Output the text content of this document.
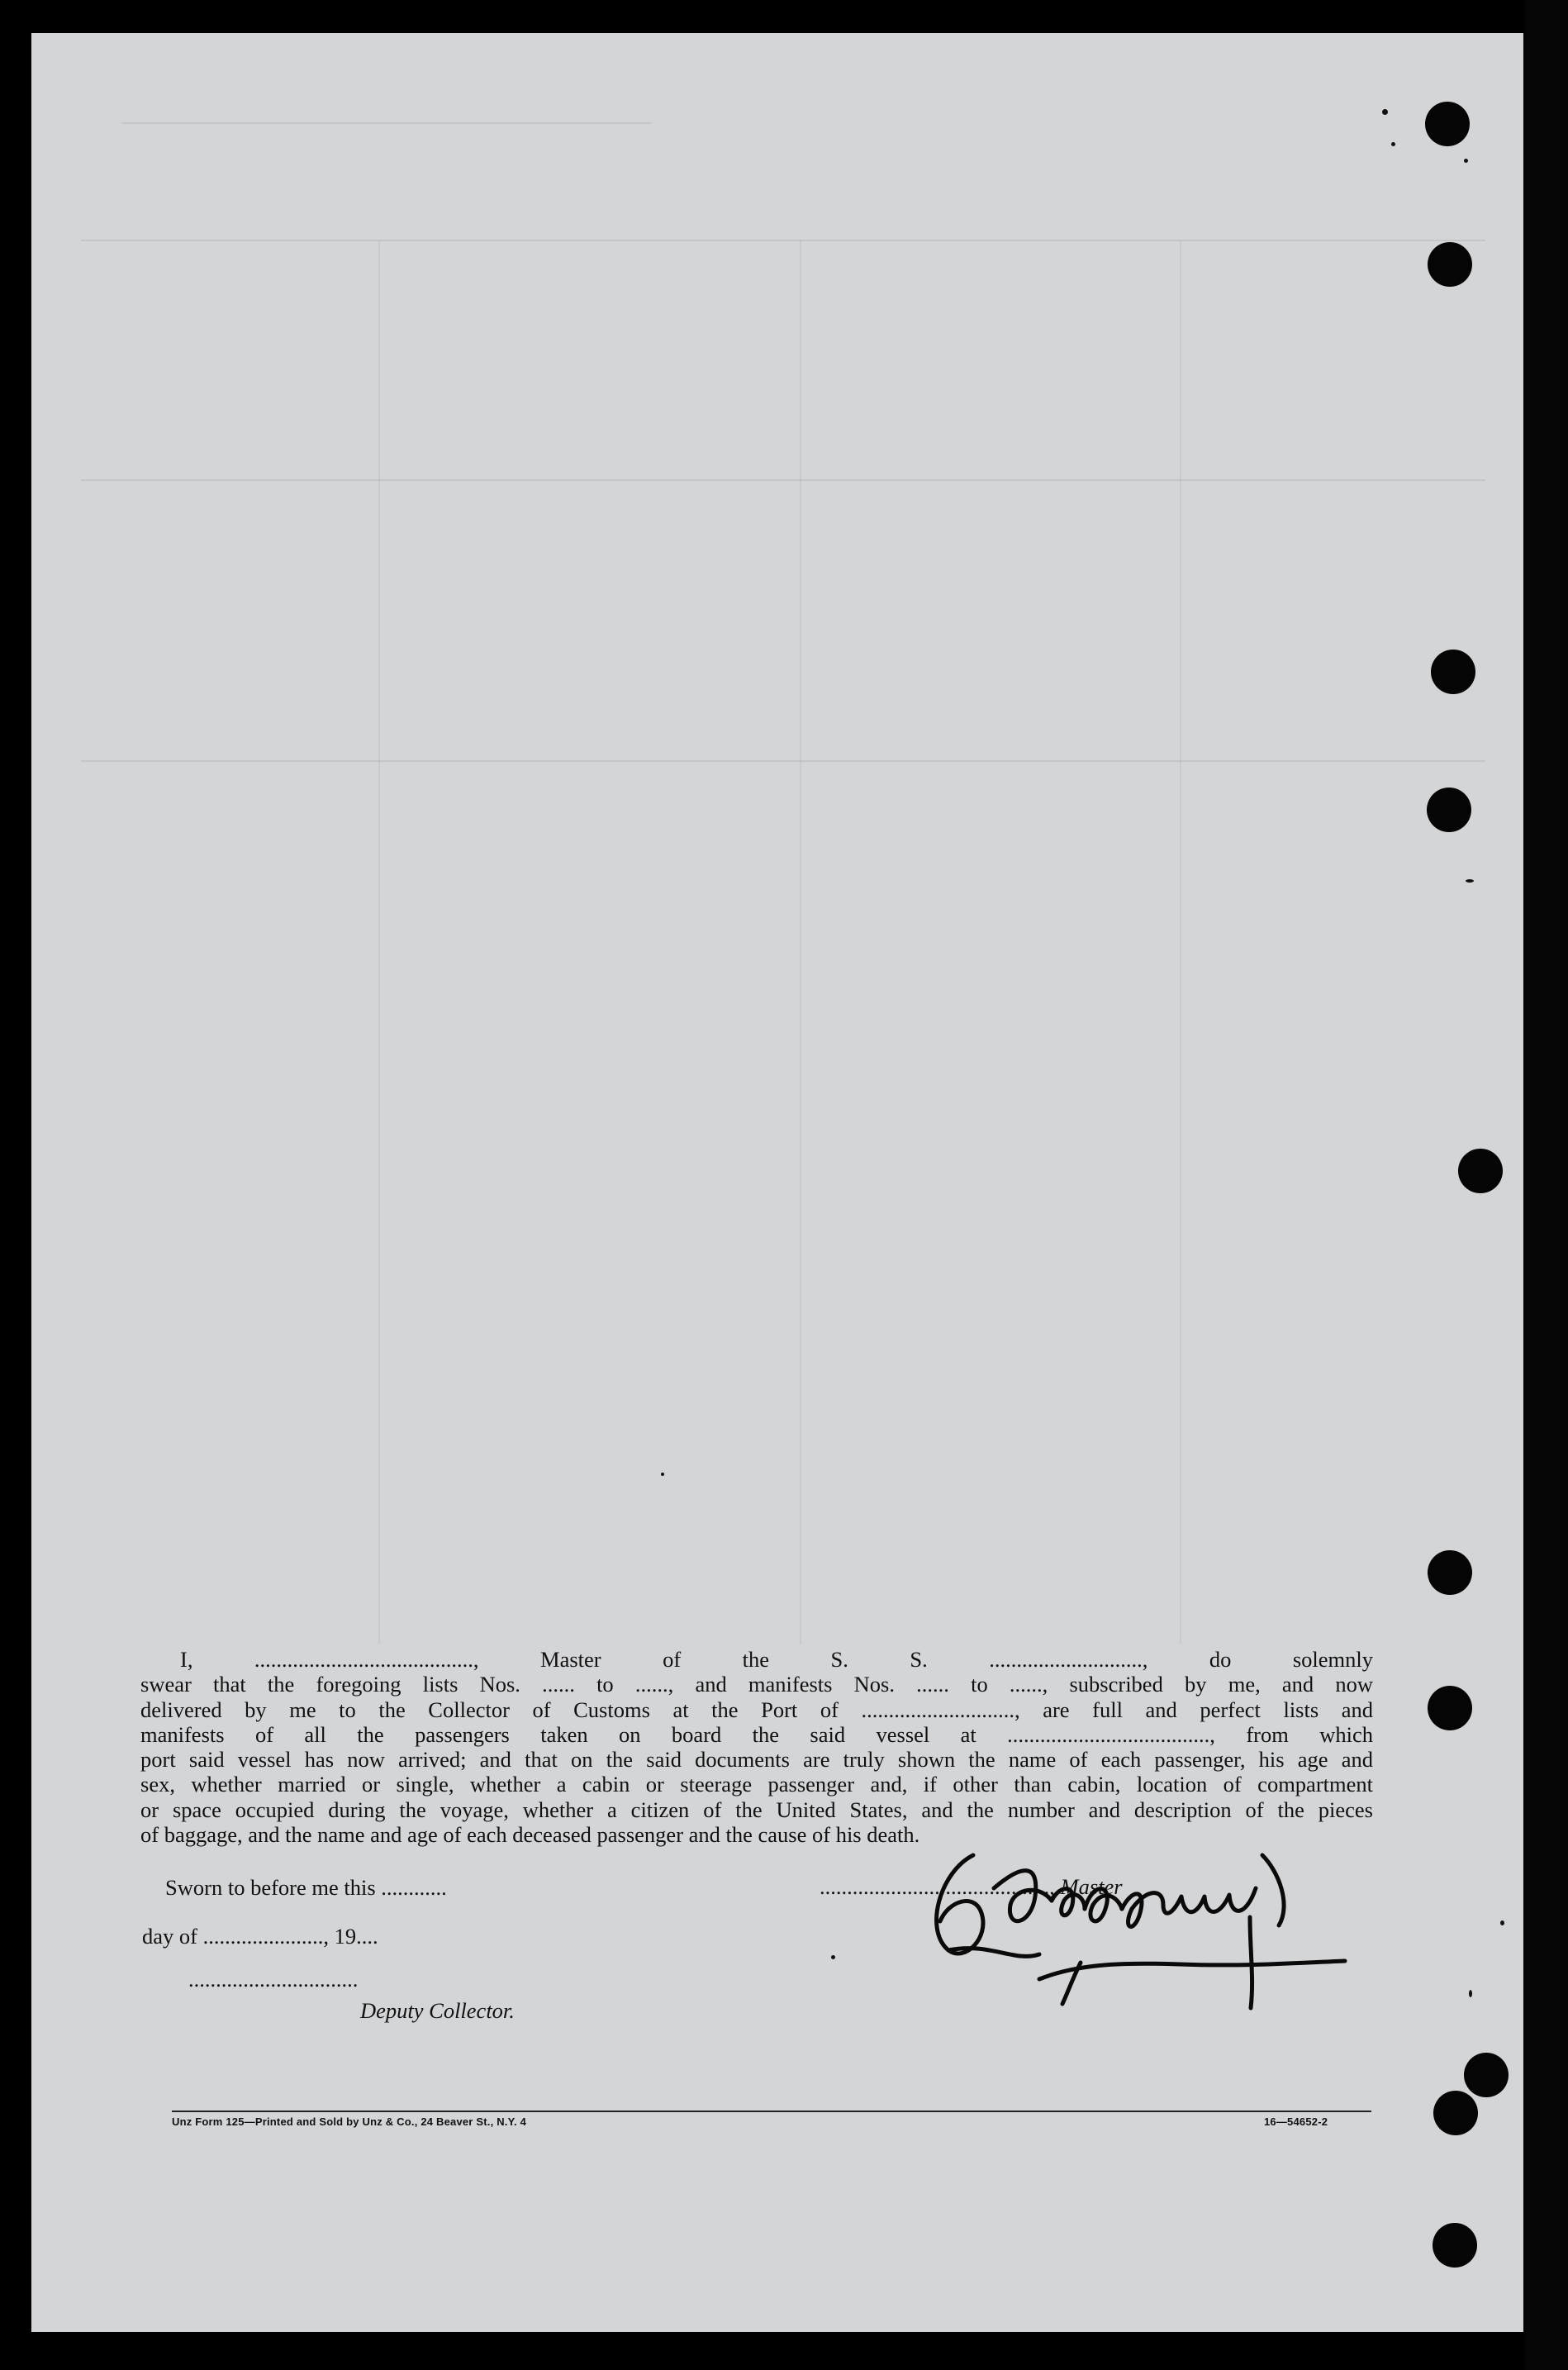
I, ........................................, Master of the S. S. ............................, do solemnly
swear that the foregoing lists Nos. ...... to ......, and manifests Nos. ...... to ......, subscribed by me, and now
delivered by me to the Collector of Customs at the Port of ............................, are full and perfect lists and
manifests of all the passengers taken on board the said vessel at ....................................., from which
port said vessel has now arrived; and that on the said documents are truly shown the name of each passenger, his age and
sex, whether married or single, whether a cabin or steerage passenger and, if other than cabin, location of compartment
or space occupied during the voyage, whether a citizen of the United States, and the number and description of the pieces
of baggage, and the name and age of each deceased passenger and the cause of his death.
Sworn to before me this ............
day of ......................, 19....
...............................
Deputy Collector.
.........................................., Master
Unz Form 125—Printed and Sold by Unz & Co., 24 Beaver St., N.Y. 4	16—54652-2
